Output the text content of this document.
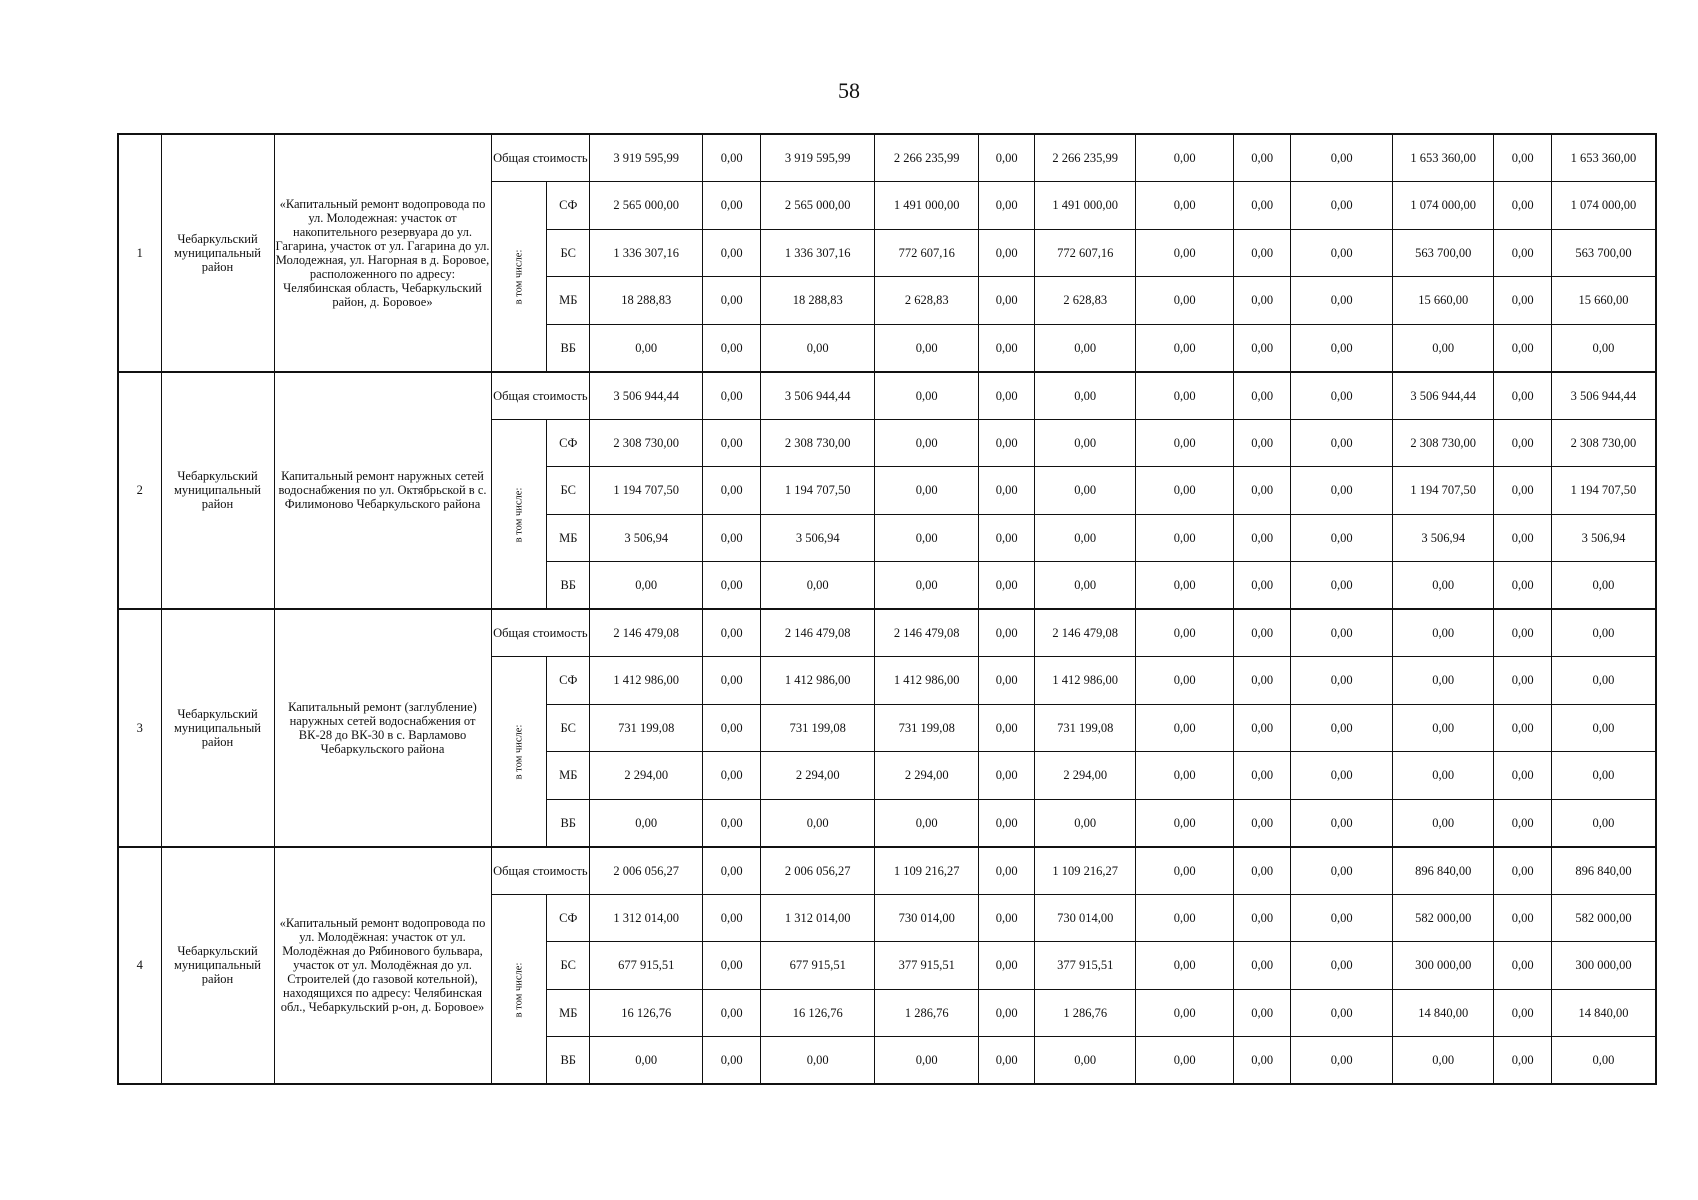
58
1	Чебаркульский муниципальный район	«Капитальный ремонт водопровода по ул. Молодежная: участок от накопительного резервуара до ул. Гагарина, участок от ул. Гагарина до ул. Молодежная, ул. Нагорная в д. Боровое, расположенного по адресу: Челябинская область, Чебаркульский район, д. Боровое»	Общая стоимость		3 919 595,99	0,00	3 919 595,99	2 266 235,99	0,00	2 266 235,99	0,00	0,00	0,00	1 653 360,00	0,00	1 653 360,00
			в том числе:	СФ	2 565 000,00	0,00	2 565 000,00	1 491 000,00	0,00	1 491 000,00	0,00	0,00	0,00	1 074 000,00	0,00	1 074 000,00
				БС	1 336 307,16	0,00	1 336 307,16	772 607,16	0,00	772 607,16	0,00	0,00	0,00	563 700,00	0,00	563 700,00
				МБ	18 288,83	0,00	18 288,83	2 628,83	0,00	2 628,83	0,00	0,00	0,00	15 660,00	0,00	15 660,00
				ВБ	0,00	0,00	0,00	0,00	0,00	0,00	0,00	0,00	0,00	0,00	0,00	0,00
2	Чебаркульский муниципальный район	Капитальный ремонт наружных сетей водоснабжения по ул. Октябрьской в с. Филимоново Чебаркульского района	Общая стоимость		3 506 944,44	0,00	3 506 944,44	0,00	0,00	0,00	0,00	0,00	0,00	3 506 944,44	0,00	3 506 944,44
			в том числе:	СФ	2 308 730,00	0,00	2 308 730,00	0,00	0,00	0,00	0,00	0,00	0,00	2 308 730,00	0,00	2 308 730,00
				БС	1 194 707,50	0,00	1 194 707,50	0,00	0,00	0,00	0,00	0,00	0,00	1 194 707,50	0,00	1 194 707,50
				МБ	3 506,94	0,00	3 506,94	0,00	0,00	0,00	0,00	0,00	0,00	3 506,94	0,00	3 506,94
				ВБ	0,00	0,00	0,00	0,00	0,00	0,00	0,00	0,00	0,00	0,00	0,00	0,00
3	Чебаркульский муниципальный район	Капитальный ремонт (заглубление) наружных сетей водоснабжения от ВК-28 до ВК-30 в с. Варламово Чебаркульского района	Общая стоимость		2 146 479,08	0,00	2 146 479,08	2 146 479,08	0,00	2 146 479,08	0,00	0,00	0,00	0,00	0,00	0,00
			в том числе:	СФ	1 412 986,00	0,00	1 412 986,00	1 412 986,00	0,00	1 412 986,00	0,00	0,00	0,00	0,00	0,00	0,00
				БС	731 199,08	0,00	731 199,08	731 199,08	0,00	731 199,08	0,00	0,00	0,00	0,00	0,00	0,00
				МБ	2 294,00	0,00	2 294,00	2 294,00	0,00	2 294,00	0,00	0,00	0,00	0,00	0,00	0,00
				ВБ	0,00	0,00	0,00	0,00	0,00	0,00	0,00	0,00	0,00	0,00	0,00	0,00
4	Чебаркульский муниципальный район	«Капитальный ремонт водопровода по ул. Молодёжная: участок от ул. Молодёжная до Рябинового бульвара, участок от ул. Молодёжная до ул. Строителей (до газовой котельной), находящихся по адресу: Челябинская обл., Чебаркульский р-он, д. Боровое»	Общая стоимость		2 006 056,27	0,00	2 006 056,27	1 109 216,27	0,00	1 109 216,27	0,00	0,00	0,00	896 840,00	0,00	896 840,00
			в том числе:	СФ	1 312 014,00	0,00	1 312 014,00	730 014,00	0,00	730 014,00	0,00	0,00	0,00	582 000,00	0,00	582 000,00
				БС	677 915,51	0,00	677 915,51	377 915,51	0,00	377 915,51	0,00	0,00	0,00	300 000,00	0,00	300 000,00
				МБ	16 126,76	0,00	16 126,76	1 286,76	0,00	1 286,76	0,00	0,00	0,00	14 840,00	0,00	14 840,00
				ВБ	0,00	0,00	0,00	0,00	0,00	0,00	0,00	0,00	0,00	0,00	0,00	0,00
